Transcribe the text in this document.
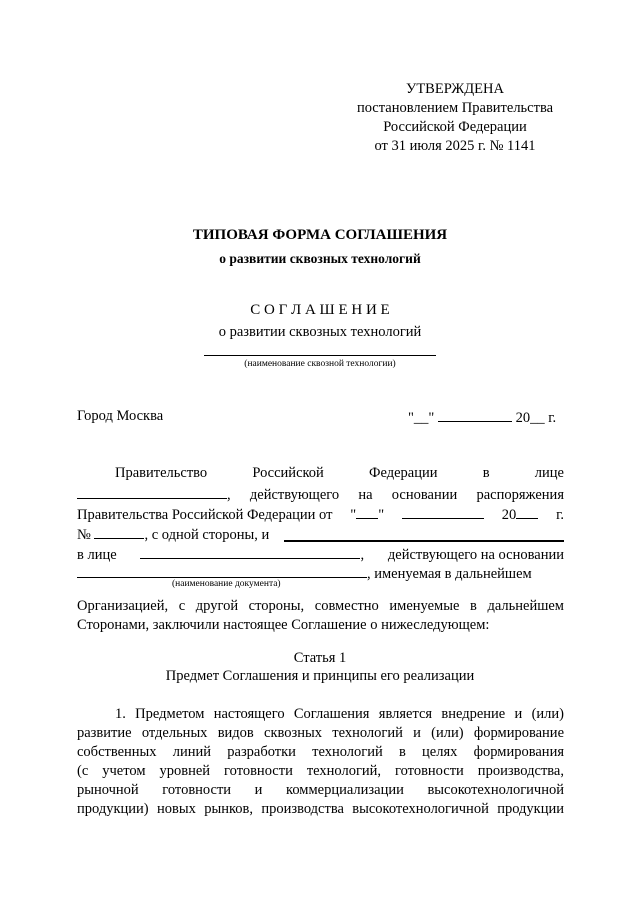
УТВЕРЖДЕНА
постановлением Правительства
Российской Федерации
от 31 июля 2025 г. № 1141
ТИПОВАЯ ФОРМА СОГЛАШЕНИЯ
о развитии сквозных технологий
С О Г Л А Ш Е Н И Е
о развитии сквозных технологий
(наименование сквозной технологии)
Город Москва	"__"	20__ г.
Правительство	Российской	Федерации	в	лице
, действующего на основании распоряжения
Правительства Российской Федерации от " "	20	г.
№	, с одной стороны, и
в лице	, действующего на основании
, именуемая в дальнейшем
(наименование документа)
Организацией, с другой стороны, совместно именуемые в дальнейшем
Сторонами, заключили настоящее Соглашение о нижеследующем:
Статья 1
Предмет Соглашения и принципы его реализации
1. Предметом настоящего Соглашения является внедрение и (или)
развитие отдельных видов сквозных технологий и (или) формирование
собственных линий разработки технологий в целях формирования
(с учетом уровней готовности технологий, готовности производства,
рыночной готовности и коммерциализации высокотехнологичной
продукции) новых рынков, производства высокотехнологичной продукции
